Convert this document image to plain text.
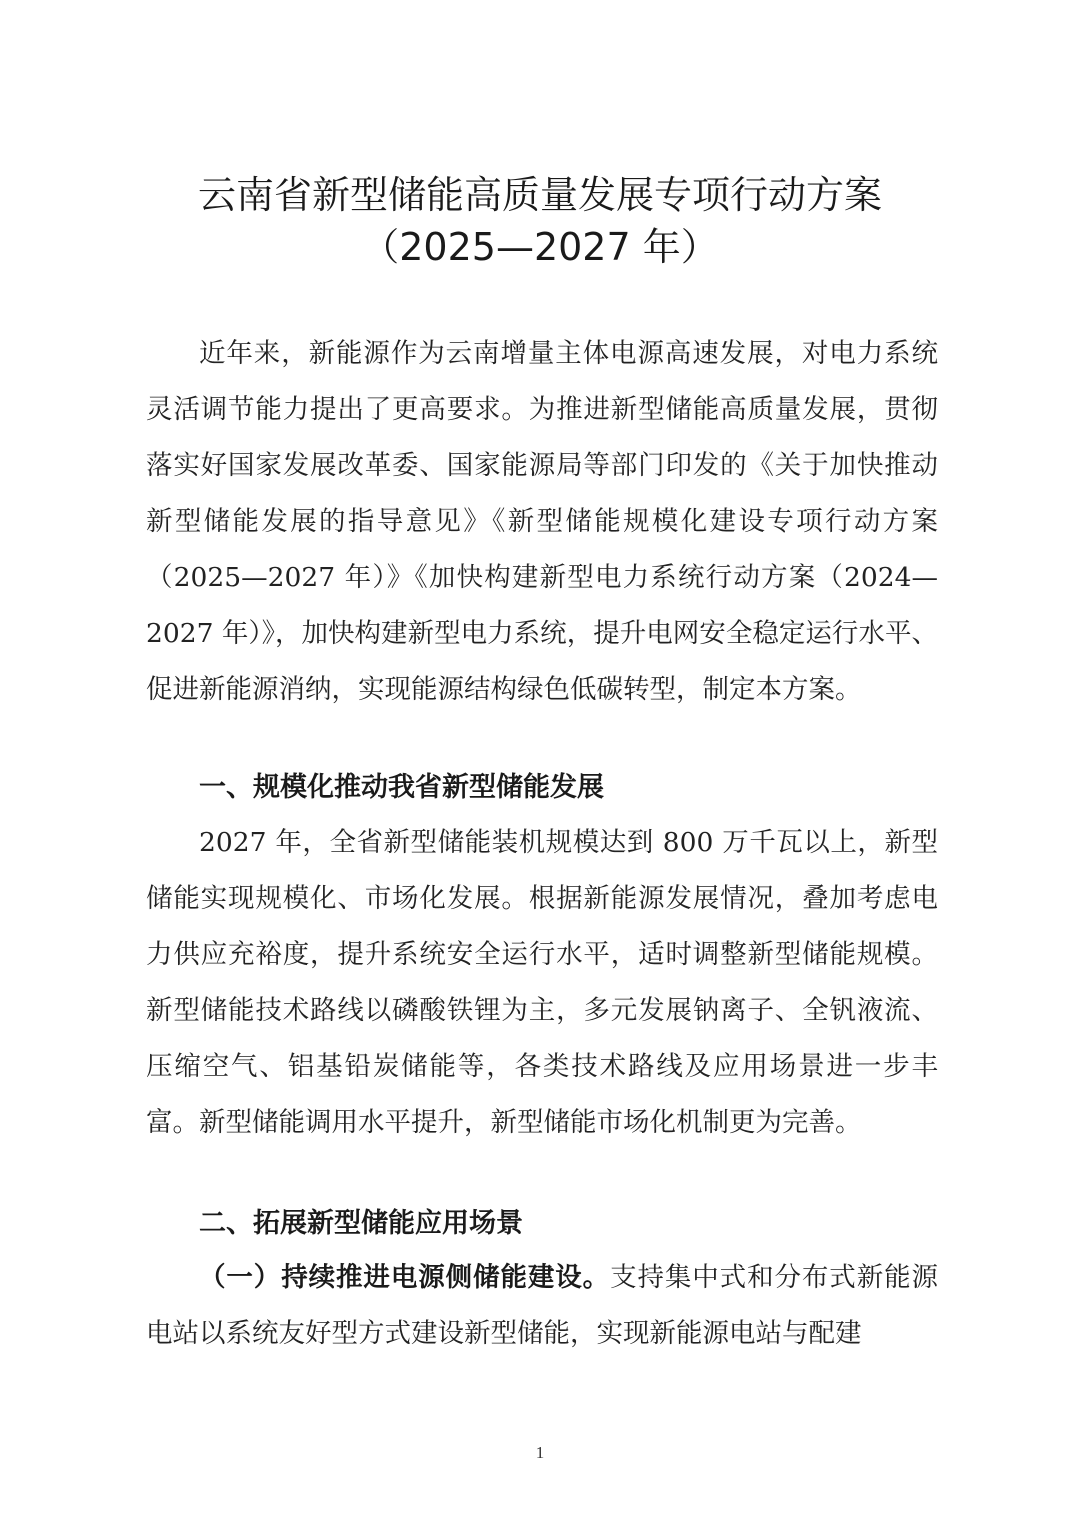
云南省新型储能高质量发展专项行动方案
（2025—2027 年）

近年来，新能源作为云南增量主体电源高速发展，对电力系统灵活调节能力提出了更高要求。为推进新型储能高质量发展，贯彻落实好国家发展改革委、国家能源局等部门印发的《关于加快推动新型储能发展的指导意见》《新型储能规模化建设专项行动方案（2025—2027 年）》《加快构建新型电力系统行动方案（2024—2027 年）》，加快构建新型电力系统，提升电网安全稳定运行水平、促进新能源消纳，实现能源结构绿色低碳转型，制定本方案。

一、规模化推动我省新型储能发展

2027 年，全省新型储能装机规模达到 800 万千瓦以上，新型储能实现规模化、市场化发展。根据新能源发展情况，叠加考虑电力供应充裕度，提升系统安全运行水平，适时调整新型储能规模。新型储能技术路线以磷酸铁锂为主，多元发展钠离子、全钒液流、压缩空气、铝基铅炭储能等，各类技术路线及应用场景进一步丰富。新型储能调用水平提升，新型储能市场化机制更为完善。

二、拓展新型储能应用场景

（一）持续推进电源侧储能建设。支持集中式和分布式新能源电站以系统友好型方式建设新型储能，实现新能源电站与配建

1
